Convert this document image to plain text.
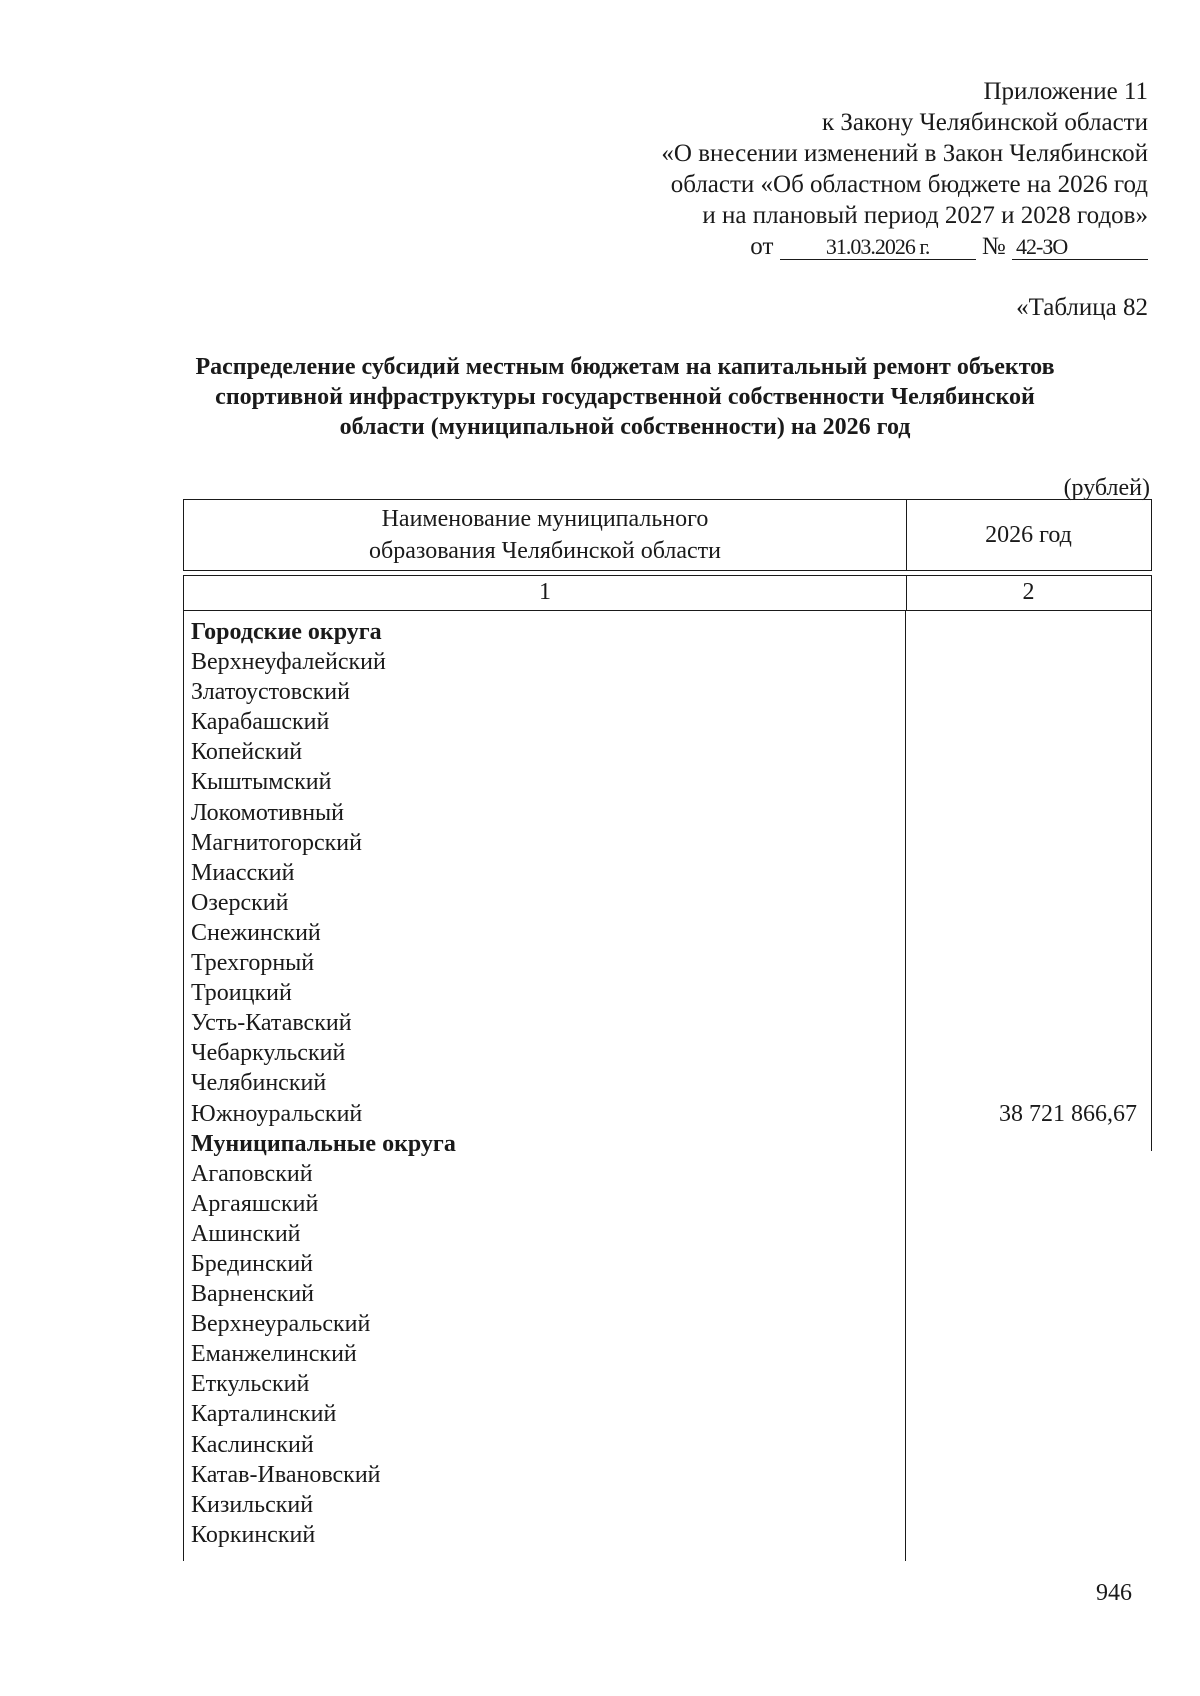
Приложение 11
к Закону Челябинской области
«О внесении изменений в Закон Челябинской
области «Об областном бюджете на 2026 год
и на плановый период 2027 и 2028 годов»
от 31.03.2026 г. № 42-ЗО
«Таблица 82
Распределение субсидий местным бюджетам на капитальный ремонт объектов
спортивной инфраструктуры государственной собственности Челябинской
области (муниципальной собственности) на 2026 год
(рублей)
Наименование муниципального
образования Челябинской области
2026 год
1	2
Городские округа
Верхнеуфалейский
Златоустовский
Карабашский
Копейский
Кыштымский
Локомотивный
Магнитогорский
Миасский
Озерский
Снежинский
Трехгорный
Троицкий
Усть-Катавский
Чебаркульский
Челябинский
Южноуральский	38 721 866,67
Муниципальные округа
Агаповский
Аргаяшский
Ашинский
Брединский
Варненский
Верхнеуральский
Еманжелинский
Еткульский
Карталинский
Каслинский
Катав-Ивановский
Кизильский
Коркинский
946
